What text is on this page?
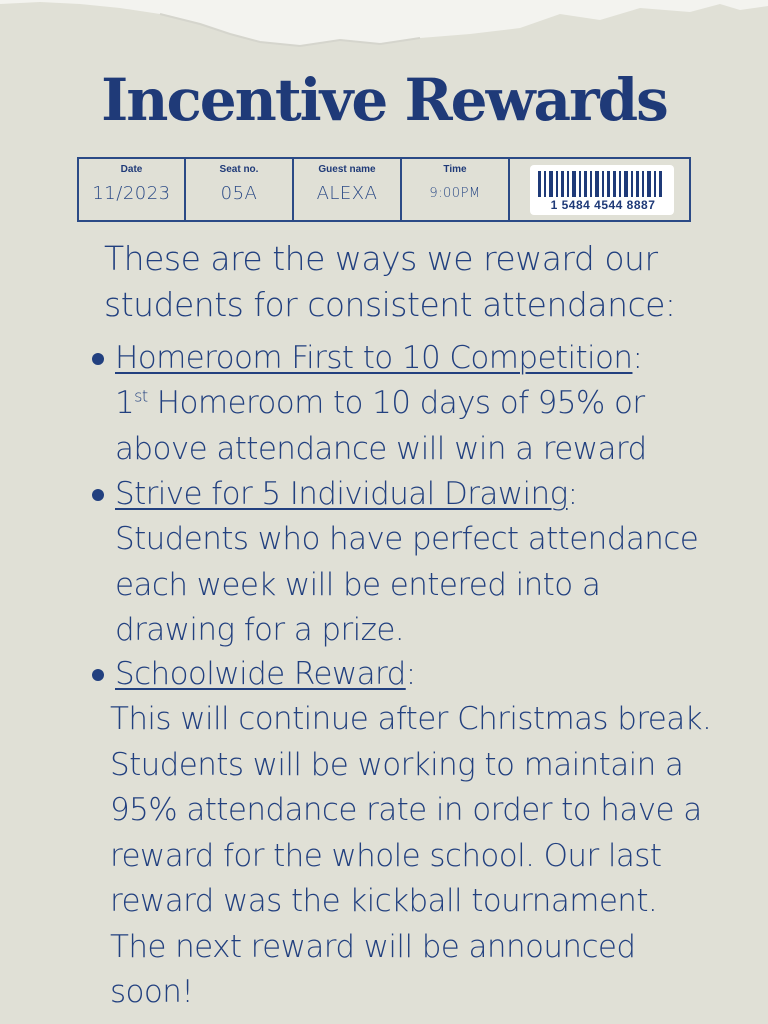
Incentive Rewards
Date
11/2023
Seat no.
05A
Guest name
ALEXA
Time
9:00PM
1 5484 4544 8887
These are the ways we reward our students for consistent attendance:
Homeroom First to 10 Competition:
1st Homeroom to 10 days of 95% or above attendance will win a reward
Strive for 5 Individual Drawing:
Students who have perfect attendance each week will be entered into a drawing for a prize.
Schoolwide Reward:
This will continue after Christmas break. Students will be working to maintain a 95% attendance rate in order to have a reward for the whole school. Our last reward was the kickball tournament. The next reward will be announced soon!
